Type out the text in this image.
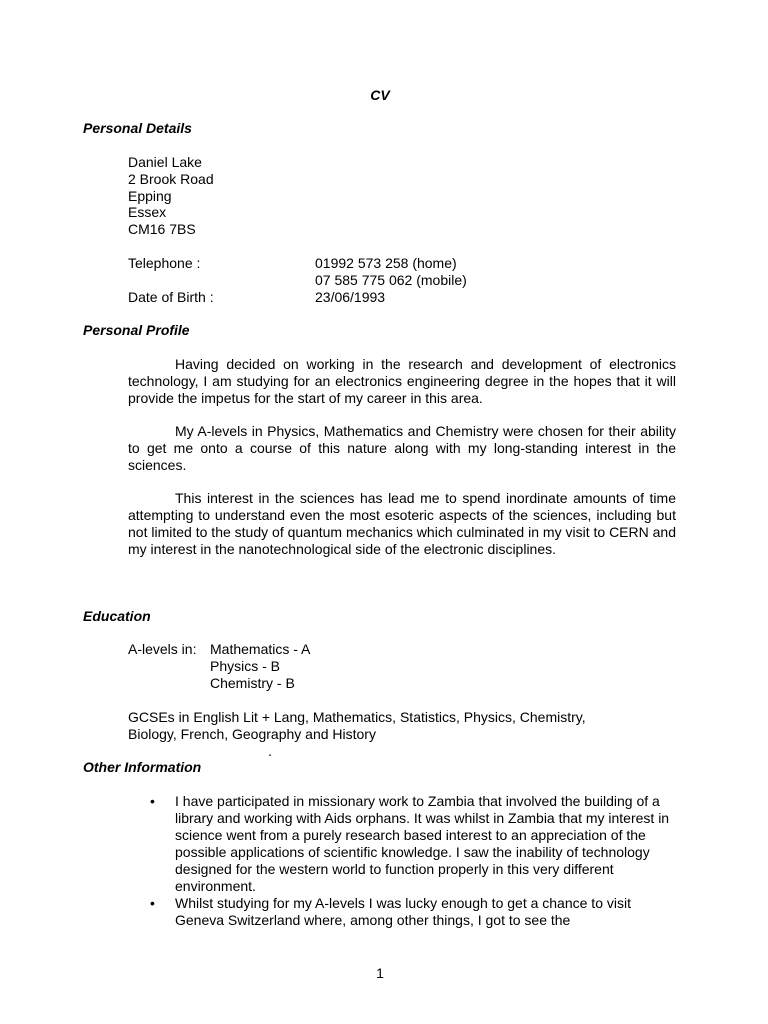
CV
Personal Details
Daniel Lake
2 Brook Road
Epping
Essex
CM16 7BS
Telephone :	01992 573 258 (home)
07 585 775 062 (mobile)
Date of Birth :	23/06/1993
Personal Profile

Having decided on working in the research and development of electronics technology, I am studying for an electronics engineering degree in the hopes that it will provide the impetus for the start of my career in this area.

My A-levels in Physics, Mathematics and Chemistry were chosen for their ability to get me onto a course of this nature along with my long-standing interest in the sciences.

This interest in the sciences has lead me to spend inordinate amounts of time attempting to understand even the most esoteric aspects of the sciences, including but not limited to the study of quantum mechanics which culminated in my visit to CERN and my interest in the nanotechnological side of the electronic disciplines.

Education
A-levels in: Mathematics - A
Physics - B
Chemistry - B
GCSEs in English Lit + Lang, Mathematics, Statistics, Physics, Chemistry,
Biology, French, Geography and History
.
Other Information
• I have participated in missionary work to Zambia that involved the building of a library and working with Aids orphans. It was whilst in Zambia that my interest in science went from a purely research based interest to an appreciation of the possible applications of scientific knowledge. I saw the inability of technology designed for the western world to function properly in this very different environment.
• Whilst studying for my A-levels I was lucky enough to get a chance to visit Geneva Switzerland where, among other things, I got to see the
1
